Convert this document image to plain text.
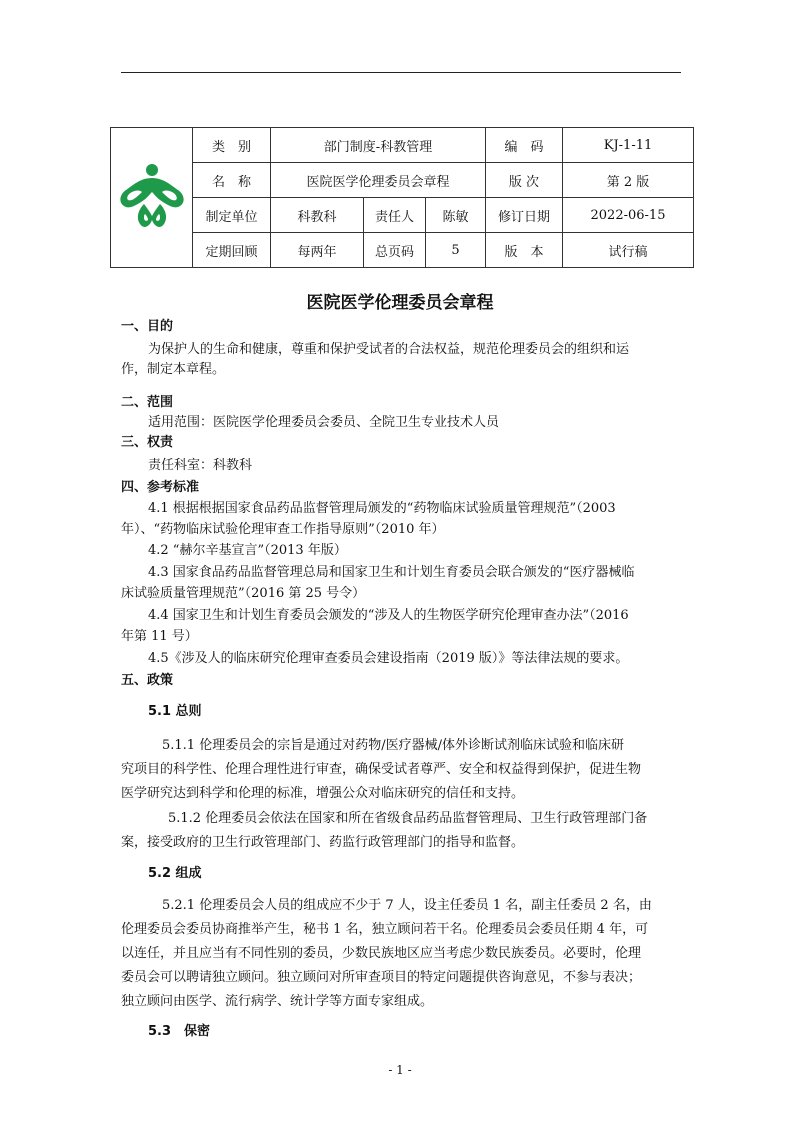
	类　别	部门制度-科教管理			编　码	KJ-1-11
	名　称	医院医学伦理委员会章程			版 次	第 2 版
	制定单位	科教科	责任人	陈敏	修订日期	2022-06-15
	定期回顾	每两年	总页码	5	版　本	试行稿
医院医学伦理委员会章程
一、目的
为保护人的生命和健康，尊重和保护受试者的合法权益，规范伦理委员会的组织和运
作，制定本章程。
二、范围
适用范围：医院医学伦理委员会委员、全院卫生专业技术人员
三、权责
责任科室：科教科
四、参考标准
4.1 根据根据国家食品药品监督管理局颁发的“药物临床试验质量管理规范”（2003
年）、“药物临床试验伦理审查工作指导原则”（2010 年）
4.2 “赫尔辛基宣言”（2013 年版）
4.3 国家食品药品监督管理总局和国家卫生和计划生育委员会联合颁发的“医疗器械临
床试验质量管理规范”（2016 第 25 号令）
4.4 国家卫生和计划生育委员会颁发的“涉及人的生物医学研究伦理审查办法”（2016
年第 11 号）
4.5《涉及人的临床研究伦理审查委员会建设指南（2019 版）》等法律法规的要求。
五、政策
5.1 总则
5.1.1 伦理委员会的宗旨是通过对药物/医疗器械/体外诊断试剂临床试验和临床研
究项目的科学性、伦理合理性进行审查，确保受试者尊严、安全和权益得到保护，促进生物
医学研究达到科学和伦理的标准，增强公众对临床研究的信任和支持。
5.1.2 伦理委员会依法在国家和所在省级食品药品监督管理局、卫生行政管理部门备
案，接受政府的卫生行政管理部门、药监行政管理部门的指导和监督。
5.2 组成
5.2.1 伦理委员会人员的组成应不少于 7 人，设主任委员 1 名，副主任委员 2 名，由
伦理委员会委员协商推举产生，秘书 1 名，独立顾问若干名。伦理委员会委员任期 4 年，可
以连任，并且应当有不同性别的委员，少数民族地区应当考虑少数民族委员。必要时，伦理
委员会可以聘请独立顾问。独立顾问对所审查项目的特定问题提供咨询意见，不参与表决；
独立顾问由医学、流行病学、统计学等方面专家组成。
5.3　保密
- 1 -
